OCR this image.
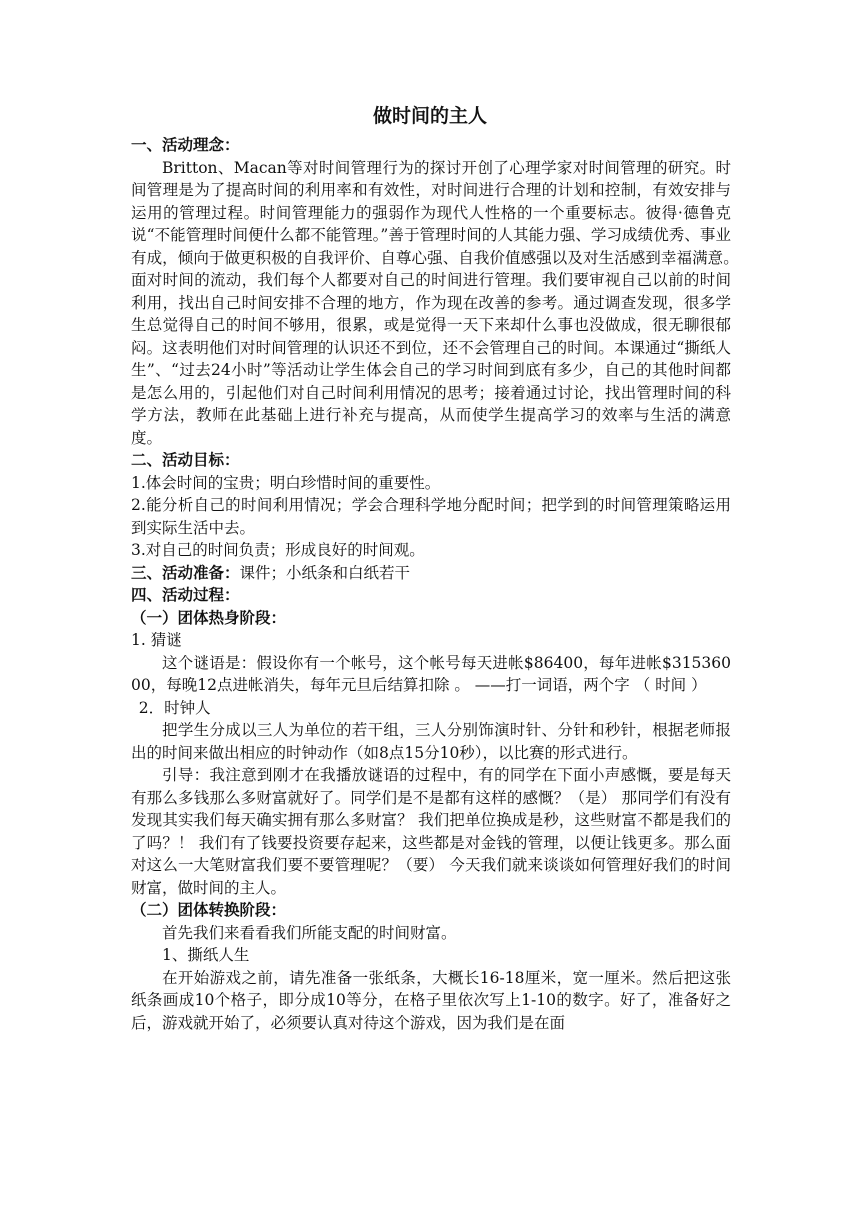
做时间的主人

一、活动理念：

Britton、Macan等对时间管理行为的探讨开创了心理学家对时间管理的研究。时间管理是为了提高时间的利用率和有效性，对时间进行合理的计划和控制，有效安排与运用的管理过程。时间管理能力的强弱作为现代人性格的一个重要标志。彼得·德鲁克说“不能管理时间便什么都不能管理。”善于管理时间的人其能力强、学习成绩优秀、事业有成，倾向于做更积极的自我评价、自尊心强、自我价值感强以及对生活感到幸福满意。　面对时间的流动，我们每个人都要对自己的时间进行管理。我们要审视自己以前的时间利用，找出自己时间安排不合理的地方，作为现在改善的参考。通过调查发现，很多学生总觉得自己的时间不够用，很累，或是觉得一天下来却什么事也没做成，很无聊很郁闷。这表明他们对时间管理的认识还不到位，还不会管理自己的时间。本课通过“撕纸人生”、“过去24小时”等活动让学生体会自己的学习时间到底有多少，自己的其他时间都是怎么用的，引起他们对自己时间利用情况的思考；接着通过讨论，找出管理时间的科学方法，教师在此基础上进行补充与提高，从而使学生提高学习的效率与生活的满意度。

二、活动目标：

1.体会时间的宝贵；明白珍惜时间的重要性。

2.能分析自己的时间利用情况；学会合理科学地分配时间；把学到的时间管理策略运用到实际生活中去。

3.对自己的时间负责；形成良好的时间观。

三、活动准备：课件；小纸条和白纸若干

四、活动过程：

（一）团体热身阶段：

1. 猜谜

这个谜语是：假设你有一个帐号，这个帐号每天进帐$86400，每年进帐$31536000，每晚12点进帐消失，每年元旦后结算扣除 。 ——打一词语，两个字 （ 时间 ）

2．时钟人

把学生分成以三人为单位的若干组，三人分别饰演时针、分针和秒针，根据老师报出的时间来做出相应的时钟动作（如8点15分10秒），以比赛的形式进行。

引导：我注意到刚才在我播放谜语的过程中，有的同学在下面小声感慨，要是每天有那么多钱那么多财富就好了。同学们是不是都有这样的感慨？（是） 那同学们有没有发现其实我们每天确实拥有那么多财富？ 我们把单位换成是秒，这些财富不都是我们的了吗？！ 我们有了钱要投资要存起来，这些都是对金钱的管理，以便让钱更多。那么面对这么一大笔财富我们要不要管理呢？（要） 今天我们就来谈谈如何管理好我们的时间财富，做时间的主人。

（二）团体转换阶段：

首先我们来看看我们所能支配的时间财富。

1、撕纸人生

在开始游戏之前，请先准备一张纸条，大概长16-18厘米，宽一厘米。然后把这张纸条画成10个格子，即分成10等分，在格子里依次写上1-10的数字。好了，准备好之后，游戏就开始了，必须要认真对待这个游戏，因为我们是在面
